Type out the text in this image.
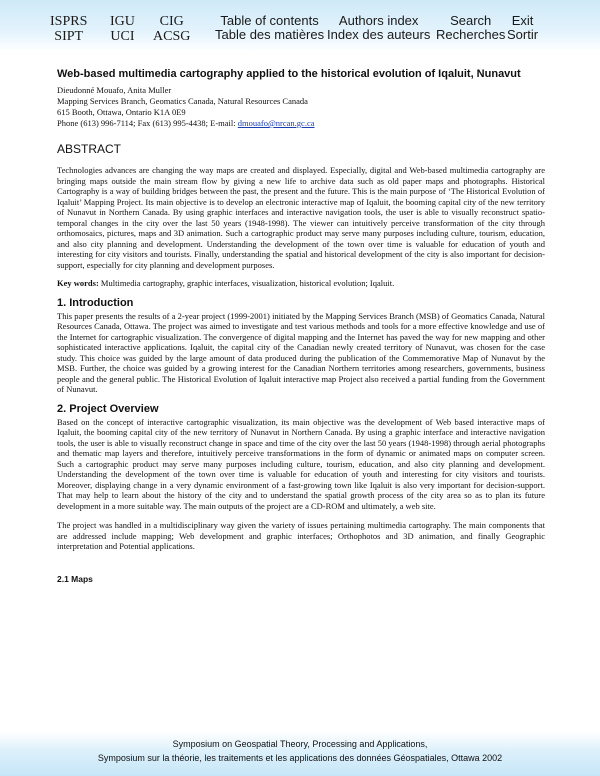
ISPRS
SIPT
IGU
UCI
CIG
ACSG
Table of contents
Table des matières
Authors index
Index des auteurs
Search
Recherches
Exit
Sortir
Web-based multimedia cartography applied to the historical evolution of Iqaluit, Nunavut
Dieudonné Mouafo, Anita Muller
Mapping Services Branch, Geomatics Canada, Natural Resources Canada
615 Booth, Ottawa, Ontario K1A 0E9
Phone (613) 996-7114; Fax (613) 995-4438; E-mail: dmouafo@nrcan.gc.ca
ABSTRACT

Technologies advances are changing the way maps are created and displayed. Especially, digital and Web-based multimedia cartography are bringing maps outside the main stream flow by giving a new life to archive data such as old paper maps and photographs. Historical Cartography is a way of building bridges between the past, the present and the future. This is the main purpose of ‘The Historical Evolution of Iqaluit’ Mapping Project. Its main objective is to develop an electronic interactive map of Iqaluit, the booming capital city of the new territory of Nunavut in Northern Canada. By using graphic interfaces and interactive navigation tools, the user is able to visually reconstruct spatio-temporal changes in the city over the last 50 years (1948-1998). The viewer can intuitively perceive transformation of the city through orthomosaics, pictures, maps and 3D animation. Such a cartographic product may serve many purposes including culture, tourism, education, and also city planning and development. Understanding the development of the town over time is valuable for education of youth and interesting for city visitors and tourists. Finally, understanding the spatial and historical development of the city is also important for decision-support, especially for city planning and development purposes.

Key words: Multimedia cartography, graphic interfaces, visualization, historical evolution; Iqaluit.

1. Introduction

This paper presents the results of a 2-year project (1999-2001) initiated by the Mapping Services Branch (MSB) of Geomatics Canada, Natural Resources Canada, Ottawa. The project was aimed to investigate and test various methods and tools for a more effective knowledge and use of the Internet for cartographic visualization. The convergence of digital mapping and the Internet has paved the way for new mapping and other sophisticated interactive applications. Iqaluit, the capital city of the Canadian newly created territory of Nunavut, was chosen for the case study. This choice was guided by the large amount of data produced during the publication of the Commemorative Map of Nunavut by the MSB. Further, the choice was guided by a growing interest for the Canadian Northern territories among researchers, governments, business people and the general public. The Historical Evolution of Iqaluit interactive map Project also received a partial funding from the Government of Nunavut.

2. Project Overview

Based on the concept of interactive cartographic visualization, its main objective was the development of Web based interactive maps of Iqaluit, the booming capital city of the new territory of Nunavut in Northern Canada. By using a graphic interface and interactive navigation tools, the user is able to visually reconstruct change in space and time of the city over the last 50 years (1948-1998) through aerial photographs and thematic map layers and therefore, intuitively perceive transformations in the form of dynamic or animated maps on computer screen. Such a cartographic product may serve many purposes including culture, tourism, education, and also city planning and development. Understanding the development of the town over time is valuable for education of youth and interesting for city visitors and tourists. Moreover, displaying change in a very dynamic environment of a fast-growing town like Iqaluit is also very important for decision-support. That may help to learn about the history of the city and to understand the spatial growth process of the city area so as to plan its future development in a more suitable way. The main outputs of the project are a CD-ROM and ultimately, a web site.

The project was handled in a multidisciplinary way given the variety of issues pertaining multimedia cartography. The main components that are addressed include mapping; Web development and graphic interfaces; Orthophotos and 3D animation, and finally Geographic interpretation and Potential applications.

2.1 Maps
Symposium on Geospatial Theory, Processing and Applications,
Symposium sur la théorie, les traitements et les applications des données Géospatiales, Ottawa 2002
